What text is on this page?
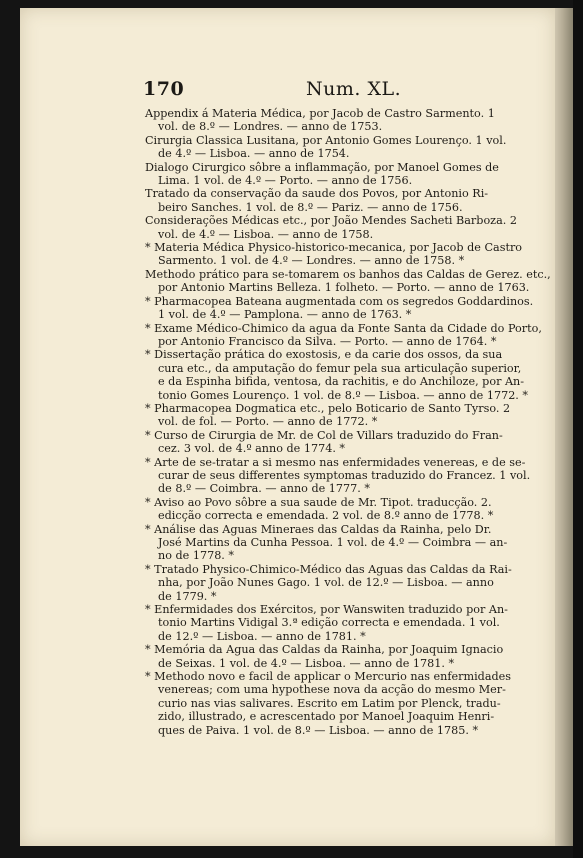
170	Num. XL.
Appendix á Materia Médica, por Jacob de Castro Sarmento. 1
vol. de 8.º — Londres. — anno de 1753.
Cirurgia Classica Lusitana, por Antonio Gomes Lourenço. 1 vol.
de 4.º — Lisboa. — anno de 1754.
Dialogo Cirurgico sôbre a inflammação, por Manoel Gomes de
Lima. 1 vol. de 4.º — Porto. — anno de 1756.
Tratado da conservação da saude dos Povos, por Antonio Ri-
beiro Sanches. 1 vol. de 8.º — Pariz. — anno de 1756.
Considerações Médicas etc., por João Mendes Sacheti Barboza. 2
vol. de 4.º — Lisboa. — anno de 1758.
* Materia Médica Physico-historico-mecanica, por Jacob de Castro
Sarmento. 1 vol. de 4.º — Londres. — anno de 1758. *
Methodo prático para se-tomarem os banhos das Caldas de Gerez. etc.,
por Antonio Martins Belleza. 1 folheto. — Porto. — anno de 1763.
* Pharmacopea Bateana augmentada com os segredos Goddardinos.
1 vol. de 4.º — Pamplona. — anno de 1763. *
* Exame Médico-Chimico da agua da Fonte Santa da Cidade do Porto,
por Antonio Francisco da Silva. — Porto. — anno de 1764. *
* Dissertação prática do exostosis, e da carie dos ossos, da sua
cura etc., da amputação do femur pela sua articulação superior,
e da Espinha bifida, ventosa, da rachitis, e do Anchiloze, por An-
tonio Gomes Lourenço. 1 vol. de 8.º — Lisboa. — anno de 1772. *
* Pharmacopea Dogmatica etc., pelo Boticario de Santo Tyrso. 2
vol. de fol. — Porto. — anno de 1772. *
* Curso de Cirurgia de Mr. de Col de Villars traduzido do Fran-
cez. 3 vol. de 4.º anno de 1774. *
* Arte de se-tratar a si mesmo nas enfermidades venereas, e de se-
curar de seus differentes symptomas traduzido do Francez. 1 vol.
de 8.º — Coimbra. — anno de 1777. *
* Aviso ao Povo sôbre a sua saude de Mr. Tipot. traducção. 2.
edicção correcta e emendada. 2 vol. de 8.º anno de 1778. *
* Análise das Aguas Mineraes das Caldas da Rainha, pelo Dr.
José Martins da Cunha Pessoa. 1 vol. de 4.º — Coimbra — an-
no de 1778. *
* Tratado Physico-Chimico-Médico das Aguas das Caldas da Rai-
nha, por João Nunes Gago. 1 vol. de 12.º — Lisboa. — anno
de 1779. *
* Enfermidades dos Exércitos, por Wanswiten traduzido por An-
tonio Martins Vidigal 3.ª edição correcta e emendada. 1 vol.
de 12.º — Lisboa. — anno de 1781. *
* Memória da Agua das Caldas da Rainha, por Joaquim Ignacio
de Seixas. 1 vol. de 4.º — Lisboa. — anno de 1781. *
* Methodo novo e facil de applicar o Mercurio nas enfermidades
venereas; com uma hypothese nova da acção do mesmo Mer-
curio nas vias salivares. Escrito em Latim por Plenck, tradu-
zido, illustrado, e acrescentado por Manoel Joaquim Henri-
ques de Paiva. 1 vol. de 8.º — Lisboa. — anno de 1785. *
